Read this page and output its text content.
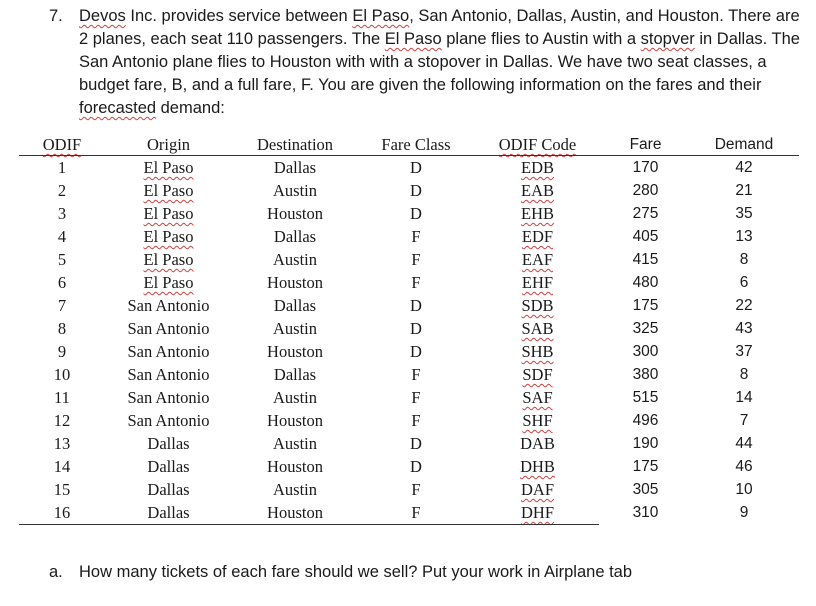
7. Devos Inc. provides service between El Paso, San Antonio, Dallas, Austin, and Houston. There are
2 planes, each seat 110 passengers. The El Paso plane flies to Austin with a stopver in Dallas. The
San Antonio plane flies to Houston with with a stopover in Dallas. We have two seat classes, a
budget fare, B, and a full fare, F. You are given the following information on the fares and their
forecasted demand:
ODIF	Origin	Destination	Fare Class	ODIF Code	Fare	Demand
1	El Paso	Dallas	D	EDB	170	42
2	El Paso	Austin	D	EAB	280	21
3	El Paso	Houston	D	EHB	275	35
4	El Paso	Dallas	F	EDF	405	13
5	El Paso	Austin	F	EAF	415	8
6	El Paso	Houston	F	EHF	480	6
7	San Antonio	Dallas	D	SDB	175	22
8	San Antonio	Austin	D	SAB	325	43
9	San Antonio	Houston	D	SHB	300	37
10	San Antonio	Dallas	F	SDF	380	8
11	San Antonio	Austin	F	SAF	515	14
12	San Antonio	Houston	F	SHF	496	7
13	Dallas	Austin	D	DAB	190	44
14	Dallas	Houston	D	DHB	175	46
15	Dallas	Austin	F	DAF	305	10
16	Dallas	Houston	F	DHF	310	9
a. How many tickets of each fare should we sell? Put your work in Airplane tab
